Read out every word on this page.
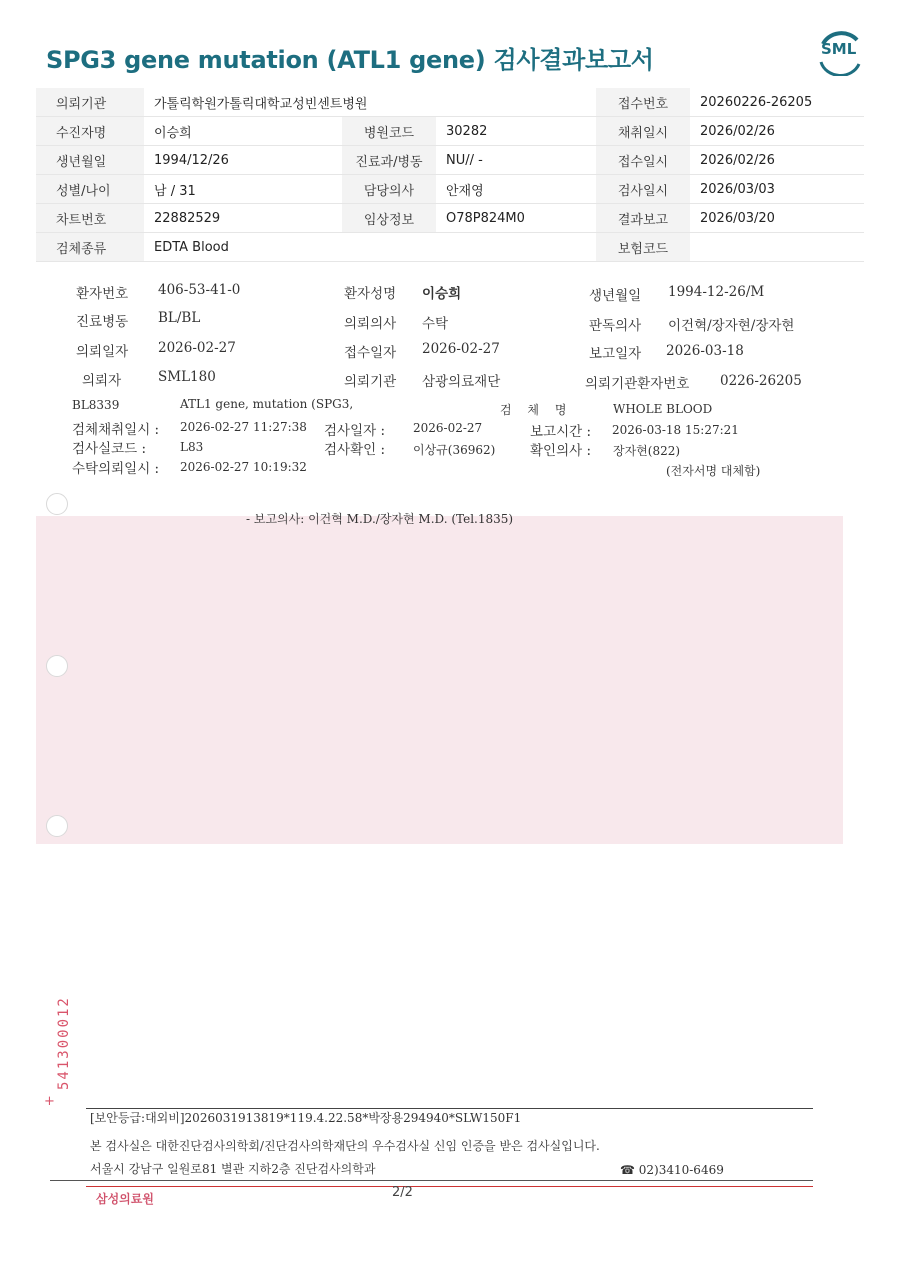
SPG3 gene mutation (ATL1 gene) 검사결과보고서	SML
의뢰기관	가톨릭학원가톨릭대학교성빈센트병원			접수번호	20260226-26205
수진자명	이승희	병원코드	30282	채취일시	2026/02/26
생년월일	1994/12/26	진료과/병동	NU// -	접수일시	2026/02/26
성별/나이	남 / 31	담당의사	안재영	검사일시	2026/03/03
차트번호	22882529	임상정보	O78P824M0	결과보고	2026/03/20
검체종류	EDTA Blood			보험코드	
환자번호 406-53-41-0	환자성명 이승희	생년월일 1994-12-26/M
진료병동 BL/BL	의뢰의사 수탁	판독의사 이건혁/장자현/장자현
의뢰일자 2026-02-27	접수일자 2026-02-27	보고일자 2026-03-18
의뢰자	SML180	의뢰기관 삼광의료재단	의뢰기관환자번호 0226-26205
BL8339	ATL1 gene, mutation (SPG3,	검 체 명	WHOLE BLOOD
검체채취일시 : 2026-02-27 11:27:38 검사일자 : 2026-02-27	보고시간 : 2026-03-18 15:27:21
검사실코드 :	L83	검사확인 : 이상규(36962)	확인의사 : 장자현(822)
수탁의뢰일시 : 2026-02-27 10:19:32	(전자서명 대체함)
- 보고의사: 이건혁 M.D./장자현 M.D. (Tel.1835)
541300012
+
[보안등급:대외비]2026031913819*119.4.22.58*박장용294940*SLW150F1
본 검사실은 대한진단검사의학회/진단검사의학재단의 우수검사실 신임 인증을 받은 검사실입니다.
서울시 강남구 일원로81 별관 지하2층 진단검사의학과	☎ 02)3410-6469
삼성의료원	2/2
